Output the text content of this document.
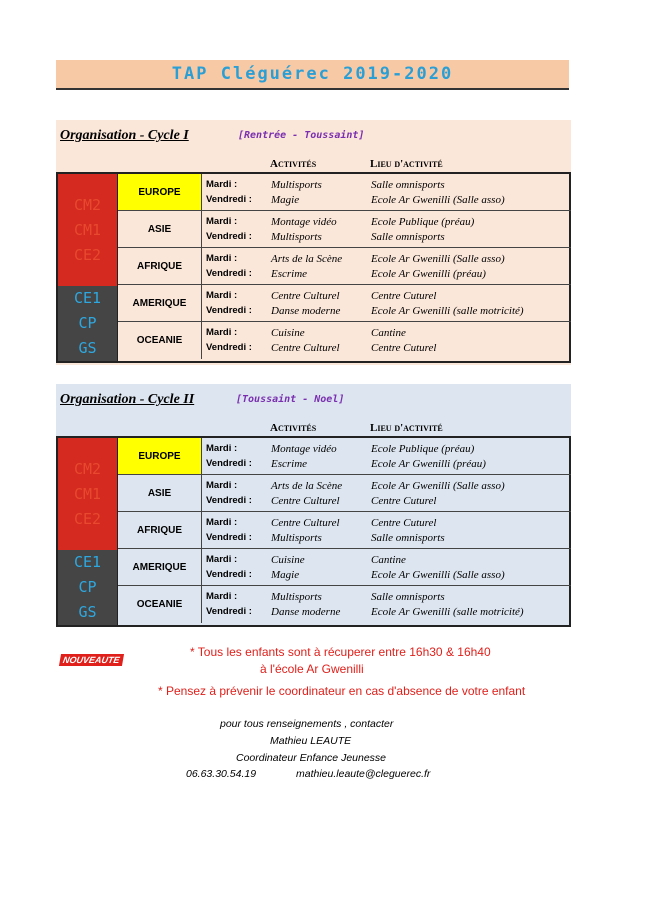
TAP Cléguérec 2019-2020
Organisation - Cycle I	[Rentrée - Toussaint]
Activités	Lieu d'activité
CM2
CM1
CE2
CE1
CP
GS
EUROPE
Mardi :	Multisports	Salle omnisports
Vendredi : Magie	Ecole Ar Gwenilli (Salle asso)
ASIE
Mardi :	Montage vidéo	Ecole Publique (préau)
Vendredi : Multisports	Salle omnisports
AFRIQUE
Mardi :	Arts de la Scène	Ecole Ar Gwenilli (Salle asso)
Vendredi : Escrime	Ecole Ar Gwenilli (préau)
AMERIQUE
Mardi :	Centre Culturel	Centre Cuturel
Vendredi : Danse moderne	Ecole Ar Gwenilli (salle motricité)
OCEANIE
Mardi :	Cuisine	Cantine
Vendredi : Centre Culturel	Centre Cuturel
Organisation - Cycle II	[Toussaint - Noel]
Activités	Lieu d'activité
CM2
CM1
CE2
CE1
CP
GS
EUROPE
Mardi :	Montage vidéo	Ecole Publique (préau)
Vendredi : Escrime	Ecole Ar Gwenilli (préau)
ASIE
Mardi :	Arts de la Scène	Ecole Ar Gwenilli (Salle asso)
Vendredi : Centre Culturel	Centre Cuturel
AFRIQUE
Mardi :	Centre Culturel	Centre Cuturel
Vendredi : Multisports	Salle omnisports
AMERIQUE
Mardi :	Cuisine	Cantine
Vendredi : Magie	Ecole Ar Gwenilli (Salle asso)
OCEANIE
Mardi :	Multisports	Salle omnisports
Vendredi : Danse moderne	Ecole Ar Gwenilli (salle motricité)
NOUVEAUTE
* Tous les enfants sont à récuperer entre 16h30 & 16h40
à l'école Ar Gwenilli
* Pensez à prévenir le coordinateur en cas d'absence de votre enfant
pour tous renseignements , contacter
Mathieu LEAUTE
Coordinateur Enfance Jeunesse
06.63.30.54.19	mathieu.leaute@cleguerec.fr
